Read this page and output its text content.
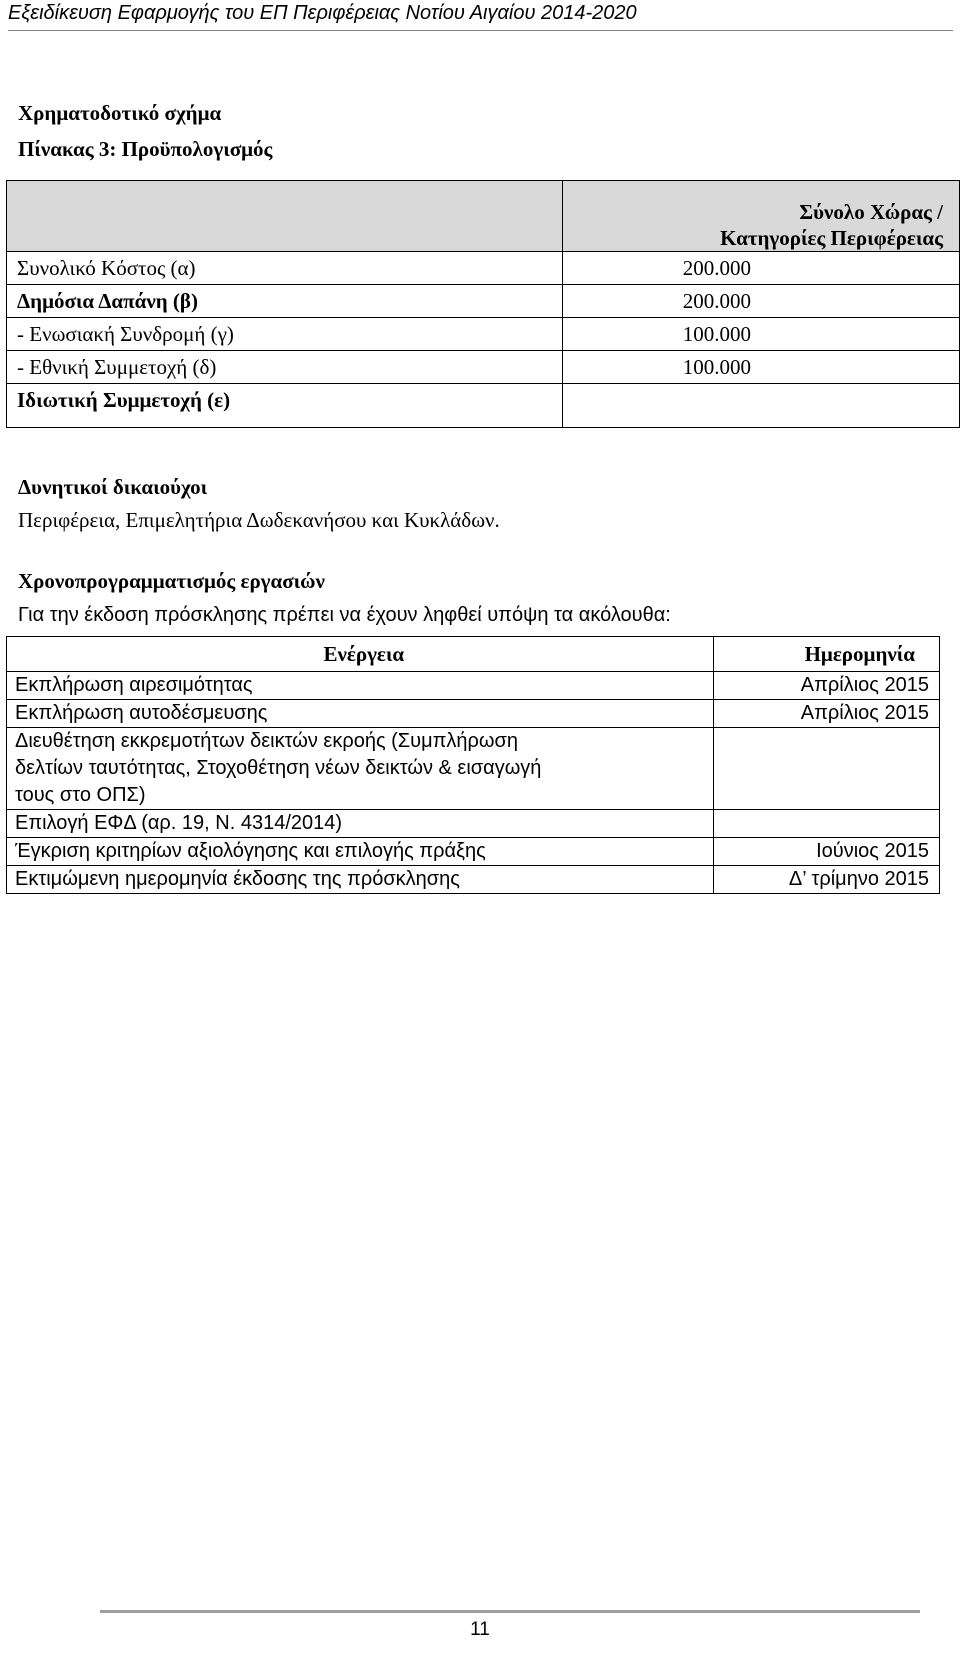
Εξειδίκευση Εφαρμογής του ΕΠ Περιφέρειας Νοτίου Αιγαίου 2014-2020
Χρηματοδοτικό σχήμα
Πίνακας 3: Προϋπολογισμός

	Σύνολο Χώρας /
Κατηγορίες Περιφέρειας

Συνολικό Κόστος (α)	200.000
Δημόσια Δαπάνη (β)	200.000
- Ενωσιακή Συνδρομή (γ)	100.000
- Εθνική Συμμετοχή (δ)	100.000
Ιδιωτική Συμμετοχή (ε)	
Δυνητικοί δικαιούχοι
Περιφέρεια, Επιμελητήρια Δωδεκανήσου και Κυκλάδων.
Χρονοπρογραμματισμός εργασιών
Για την έκδοση πρόσκλησης πρέπει να έχουν ληφθεί υπόψη τα ακόλουθα:
Ενέργεια	Ημερομηνία
Εκπλήρωση αιρεσιμότητας	Απρίλιος 2015
Εκπλήρωση αυτοδέσμευσης	Απρίλιος 2015

Διευθέτηση εκκρεμοτήτων δεικτών εκροής (Συμπλήρωση
δελτίων ταυτότητας, Στοχοθέτηση νέων δεικτών & εισαγωγή
τους στο ΟΠΣ)	

Επιλογή ΕΦΔ (αρ. 19, Ν. 4314/2014)	
Έγκριση κριτηρίων αξιολόγησης και επιλογής πράξης	Ιούνιος 2015
Εκτιμώμενη ημερομηνία έκδοσης της πρόσκλησης	Δ’ τρίμηνο 2015
11
